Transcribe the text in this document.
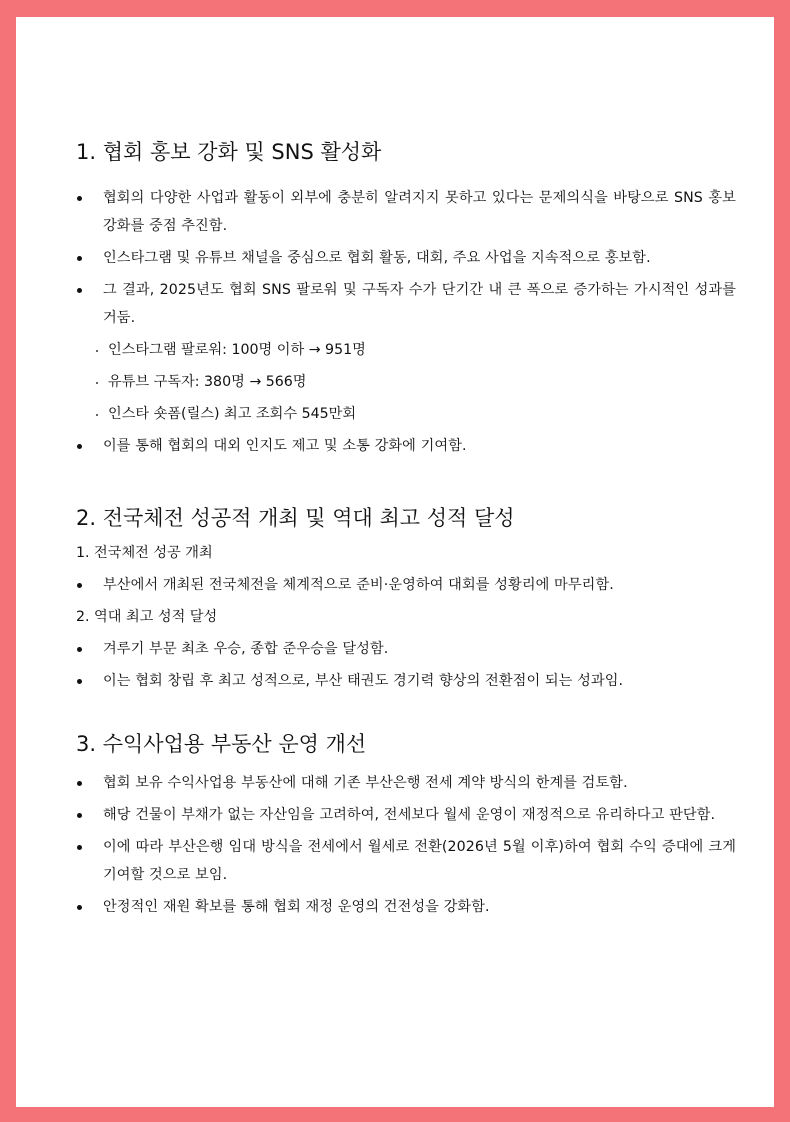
1. 협회 홍보 강화 및 SNS 활성화
협회의 다양한 사업과 활동이 외부에 충분히 알려지지 못하고 있다는 문제의식을 바탕으로 SNS 홍보 강화를 중점 추진함.
인스타그램 및 유튜브 채널을 중심으로 협회 활동, 대회, 주요 사업을 지속적으로 홍보함.
그 결과, 2025년도 협회 SNS 팔로워 및 구독자 수가 단기간 내 큰 폭으로 증가하는 가시적인 성과를 거둠.
인스타그램 팔로워: 100명 이하 → 951명
유튜브 구독자: 380명 → 566명
인스타 숏폼(릴스) 최고 조회수 545만회
이를 통해 협회의 대외 인지도 제고 및 소통 강화에 기여함.
2. 전국체전 성공적 개최 및 역대 최고 성적 달성
1. 전국체전 성공 개최
부산에서 개최된 전국체전을 체계적으로 준비·운영하여 대회를 성황리에 마무리함.
2. 역대 최고 성적 달성
겨루기 부문 최초 우승, 종합 준우승을 달성함.
이는 협회 창립 후 최고 성적으로, 부산 태권도 경기력 향상의 전환점이 되는 성과임.
3. 수익사업용 부동산 운영 개선
협회 보유 수익사업용 부동산에 대해 기존 부산은행 전세 계약 방식의 한계를 검토함.
해당 건물이 부채가 없는 자산임을 고려하여, 전세보다 월세 운영이 재정적으로 유리하다고 판단함.
이에 따라 부산은행 임대 방식을 전세에서 월세로 전환(2026년 5월 이후)하여 협회 수익 증대에 크게 기여할 것으로 보임.
안정적인 재원 확보를 통해 협회 재정 운영의 건전성을 강화함.
